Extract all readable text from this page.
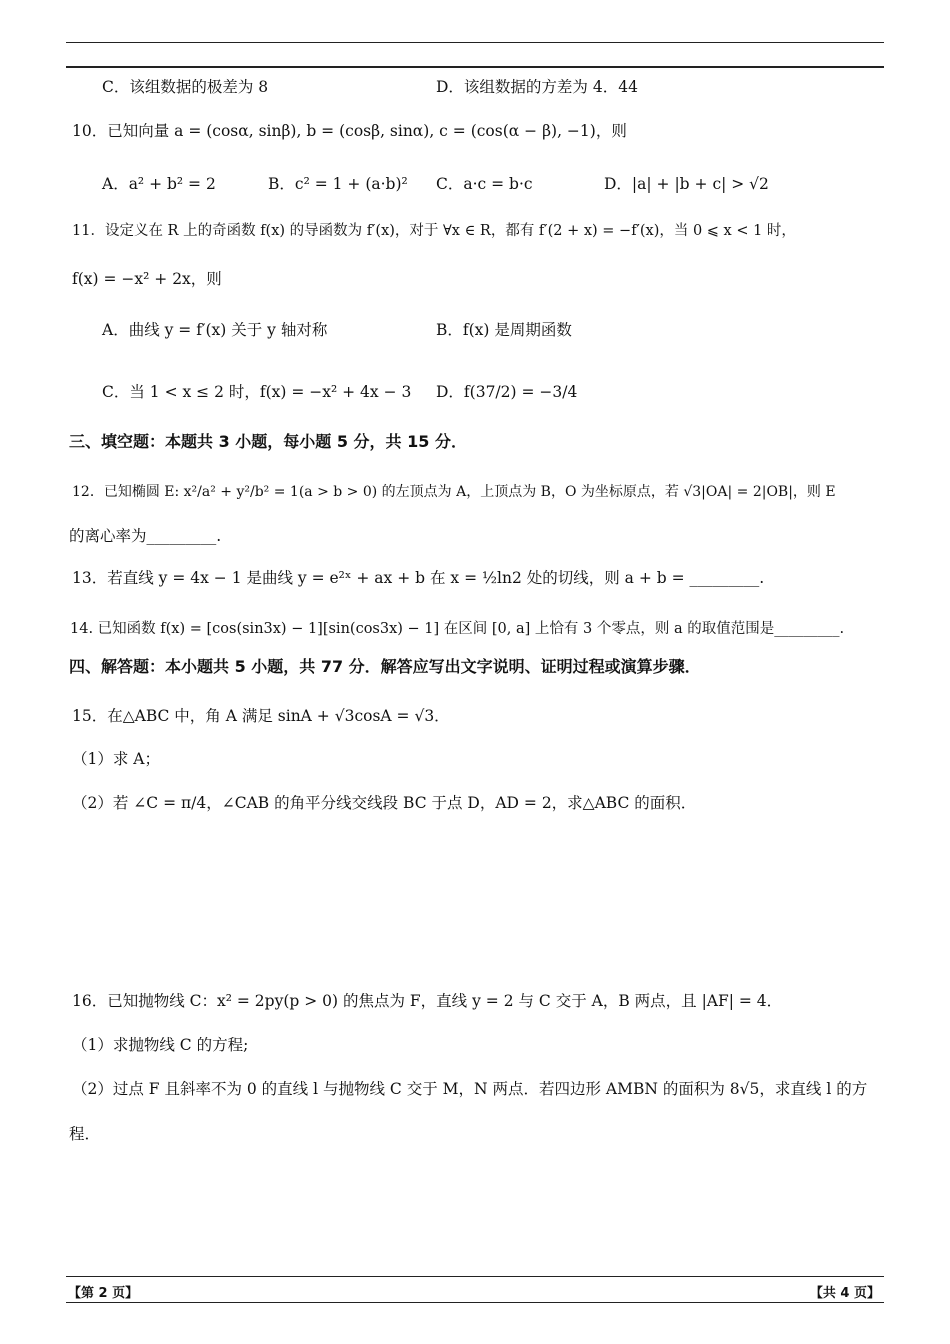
C．该组数据的极差为 8	D．该组数据的方差为 4．44
10．已知向量 a = (cosα, sinβ), b = (cosβ, sinα), c = (cos(α − β), −1)，则
A．a² + b² = 2	B．c² = 1 + (a·b)² C．a·c = b·c	D．|a| + |b + c| > √2
11．设定义在 R 上的奇函数 f(x) 的导函数为 f′(x)，对于 ∀x ∈ R，都有 f′(2 + x) = −f′(x)，当 0 ⩽ x < 1 时，
f(x) = −x² + 2x，则
A．曲线 y = f′(x) 关于 y 轴对称	B．f(x) 是周期函数
C．当 1 < x ≤ 2 时，f(x) = −x² + 4x − 3 D．f(37/2) = −3/4
三、填空题：本题共 3 小题，每小题 5 分，共 15 分．
12．已知椭圆 E: x²/a² + y²/b² = 1(a > b > 0) 的左顶点为 A，上顶点为 B，O 为坐标原点，若 √3|OA| = 2|OB|，则 E
的离心率为_________.
13．若直线 y = 4x − 1 是曲线 y = e²ˣ + ax + b 在 x = ½ln2 处的切线，则 a + b = _________.
14. 已知函数 f(x) = [cos(sin3x) − 1][sin(cos3x) − 1] 在区间 [0, a] 上恰有 3 个零点，则 a 的取值范围是_________.
四、解答题：本小题共 5 小题，共 77 分．解答应写出文字说明、证明过程或演算步骤．
15．在△ABC 中，角 A 满足 sinA + √3cosA = √3．
（1）求 A；
（2）若 ∠C = π/4，∠CAB 的角平分线交线段 BC 于点 D，AD = 2，求△ABC 的面积．
16．已知抛物线 C：x² = 2py(p > 0) 的焦点为 F，直线 y = 2 与 C 交于 A，B 两点，且 |AF| = 4．
（1）求抛物线 C 的方程;
（2）过点 F 且斜率不为 0 的直线 l 与抛物线 C 交于 M，N 两点．若四边形 AMBN 的面积为 8√5，求直线 l 的方
程．
【第 2 页】	【共 4 页】
